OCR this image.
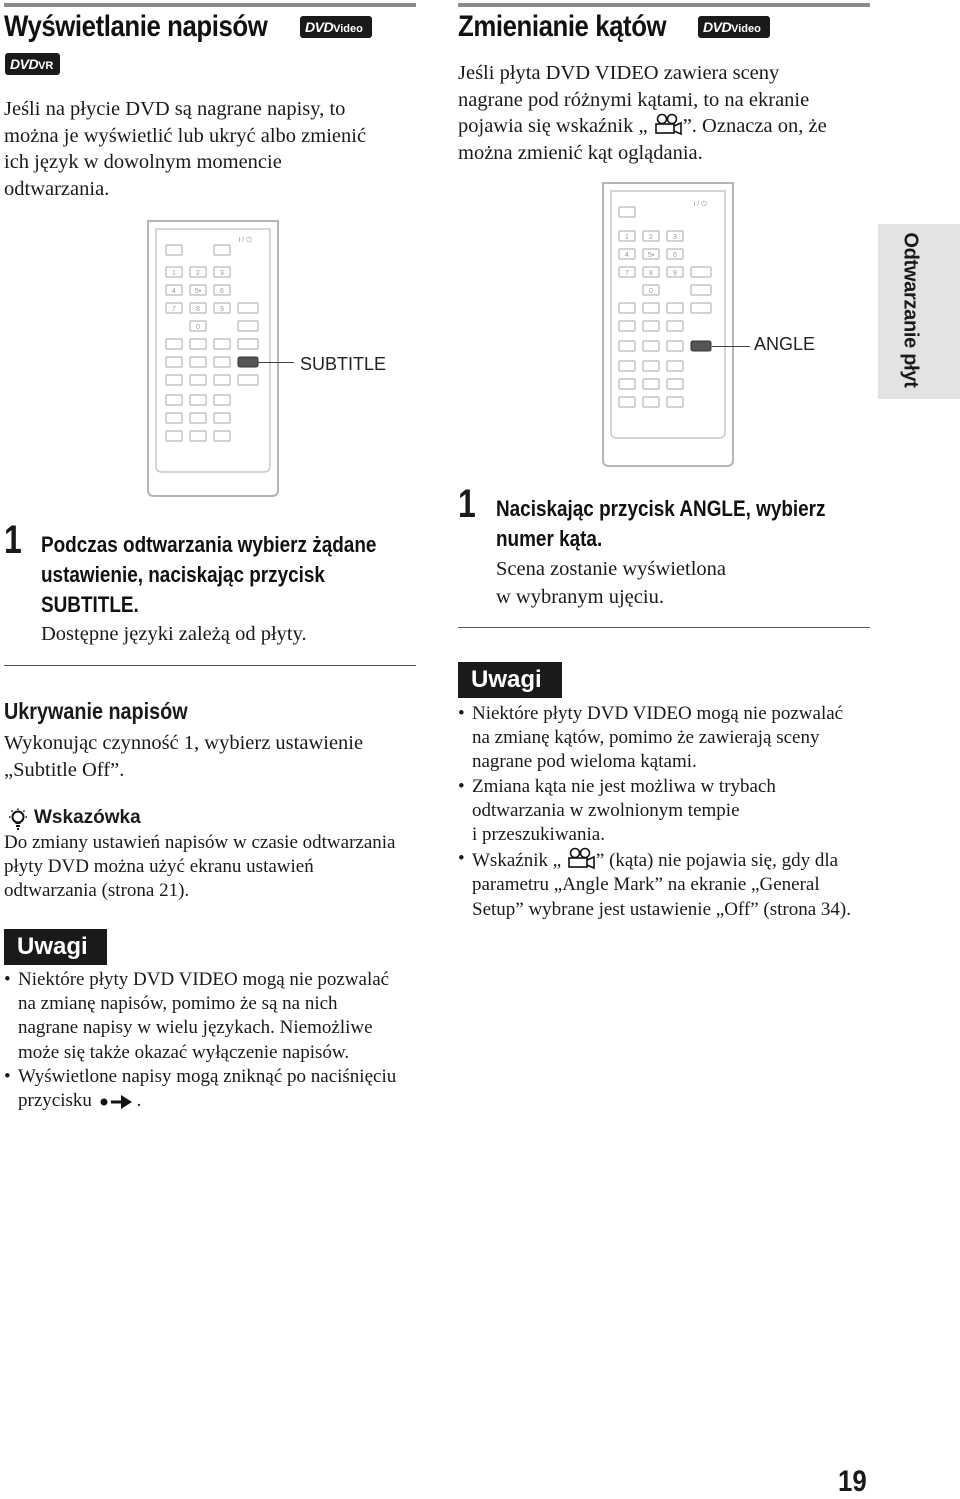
Wyświetlanie napisów	DVDVideo
DVDVR
Jeśli na płycie DVD są nagrane napisy, to
można je wyświetlić lub ukryć albo zmienić
ich język w dowolnym momencie
odtwarzania.
1	2	3
4	5•	6
7	8	9
0
I / ⏻
SUBTITLE
1 Podczas odtwarzania wybierz żądane
ustawienie, naciskając przycisk
SUBTITLE.
Dostępne języki zależą od płyty.
Ukrywanie napisów
Wykonując czynność 1, wybierz ustawienie
„Subtitle Off”.
Wskazówka
Do zmiany ustawień napisów w czasie odtwarzania
płyty DVD można użyć ekranu ustawień
odtwarzania (strona 21).
Uwagi
• Niektóre płyty DVD VIDEO mogą nie pozwalać
na zmianę napisów, pomimo że są na nich
nagrane napisy w wielu językach. Niemożliwe
może się także okazać wyłączenie napisów.
• Wyświetlone napisy mogą zniknąć po naciśnięciu
przycisku .
Zmienianie kątów	DVDVideo
Jeśli płyta DVD VIDEO zawiera sceny
nagrane pod różnymi kątami, to na ekranie
pojawia się wskaźnik „ ”. Oznacza on, że
można zmienić kąt oglądania.
1	2	3
4	5•	6
7	8	9
0
I / ⏻
ANGLE	Odtwarzanie płyt
1 Naciskając przycisk ANGLE, wybierz
numer kąta.
Scena zostanie wyświetlona
w wybranym ujęciu.
Uwagi
• Niektóre płyty DVD VIDEO mogą nie pozwalać
na zmianę kątów, pomimo że zawierają sceny
nagrane pod wieloma kątami.
• Zmiana kąta nie jest możliwa w trybach
odtwarzania w zwolnionym tempie
i przeszukiwania.
• Wskaźnik „ ” (kąta) nie pojawia się, gdy dla
parametru „Angle Mark” na ekranie „General
Setup” wybrane jest ustawienie „Off” (strona 34).
19
